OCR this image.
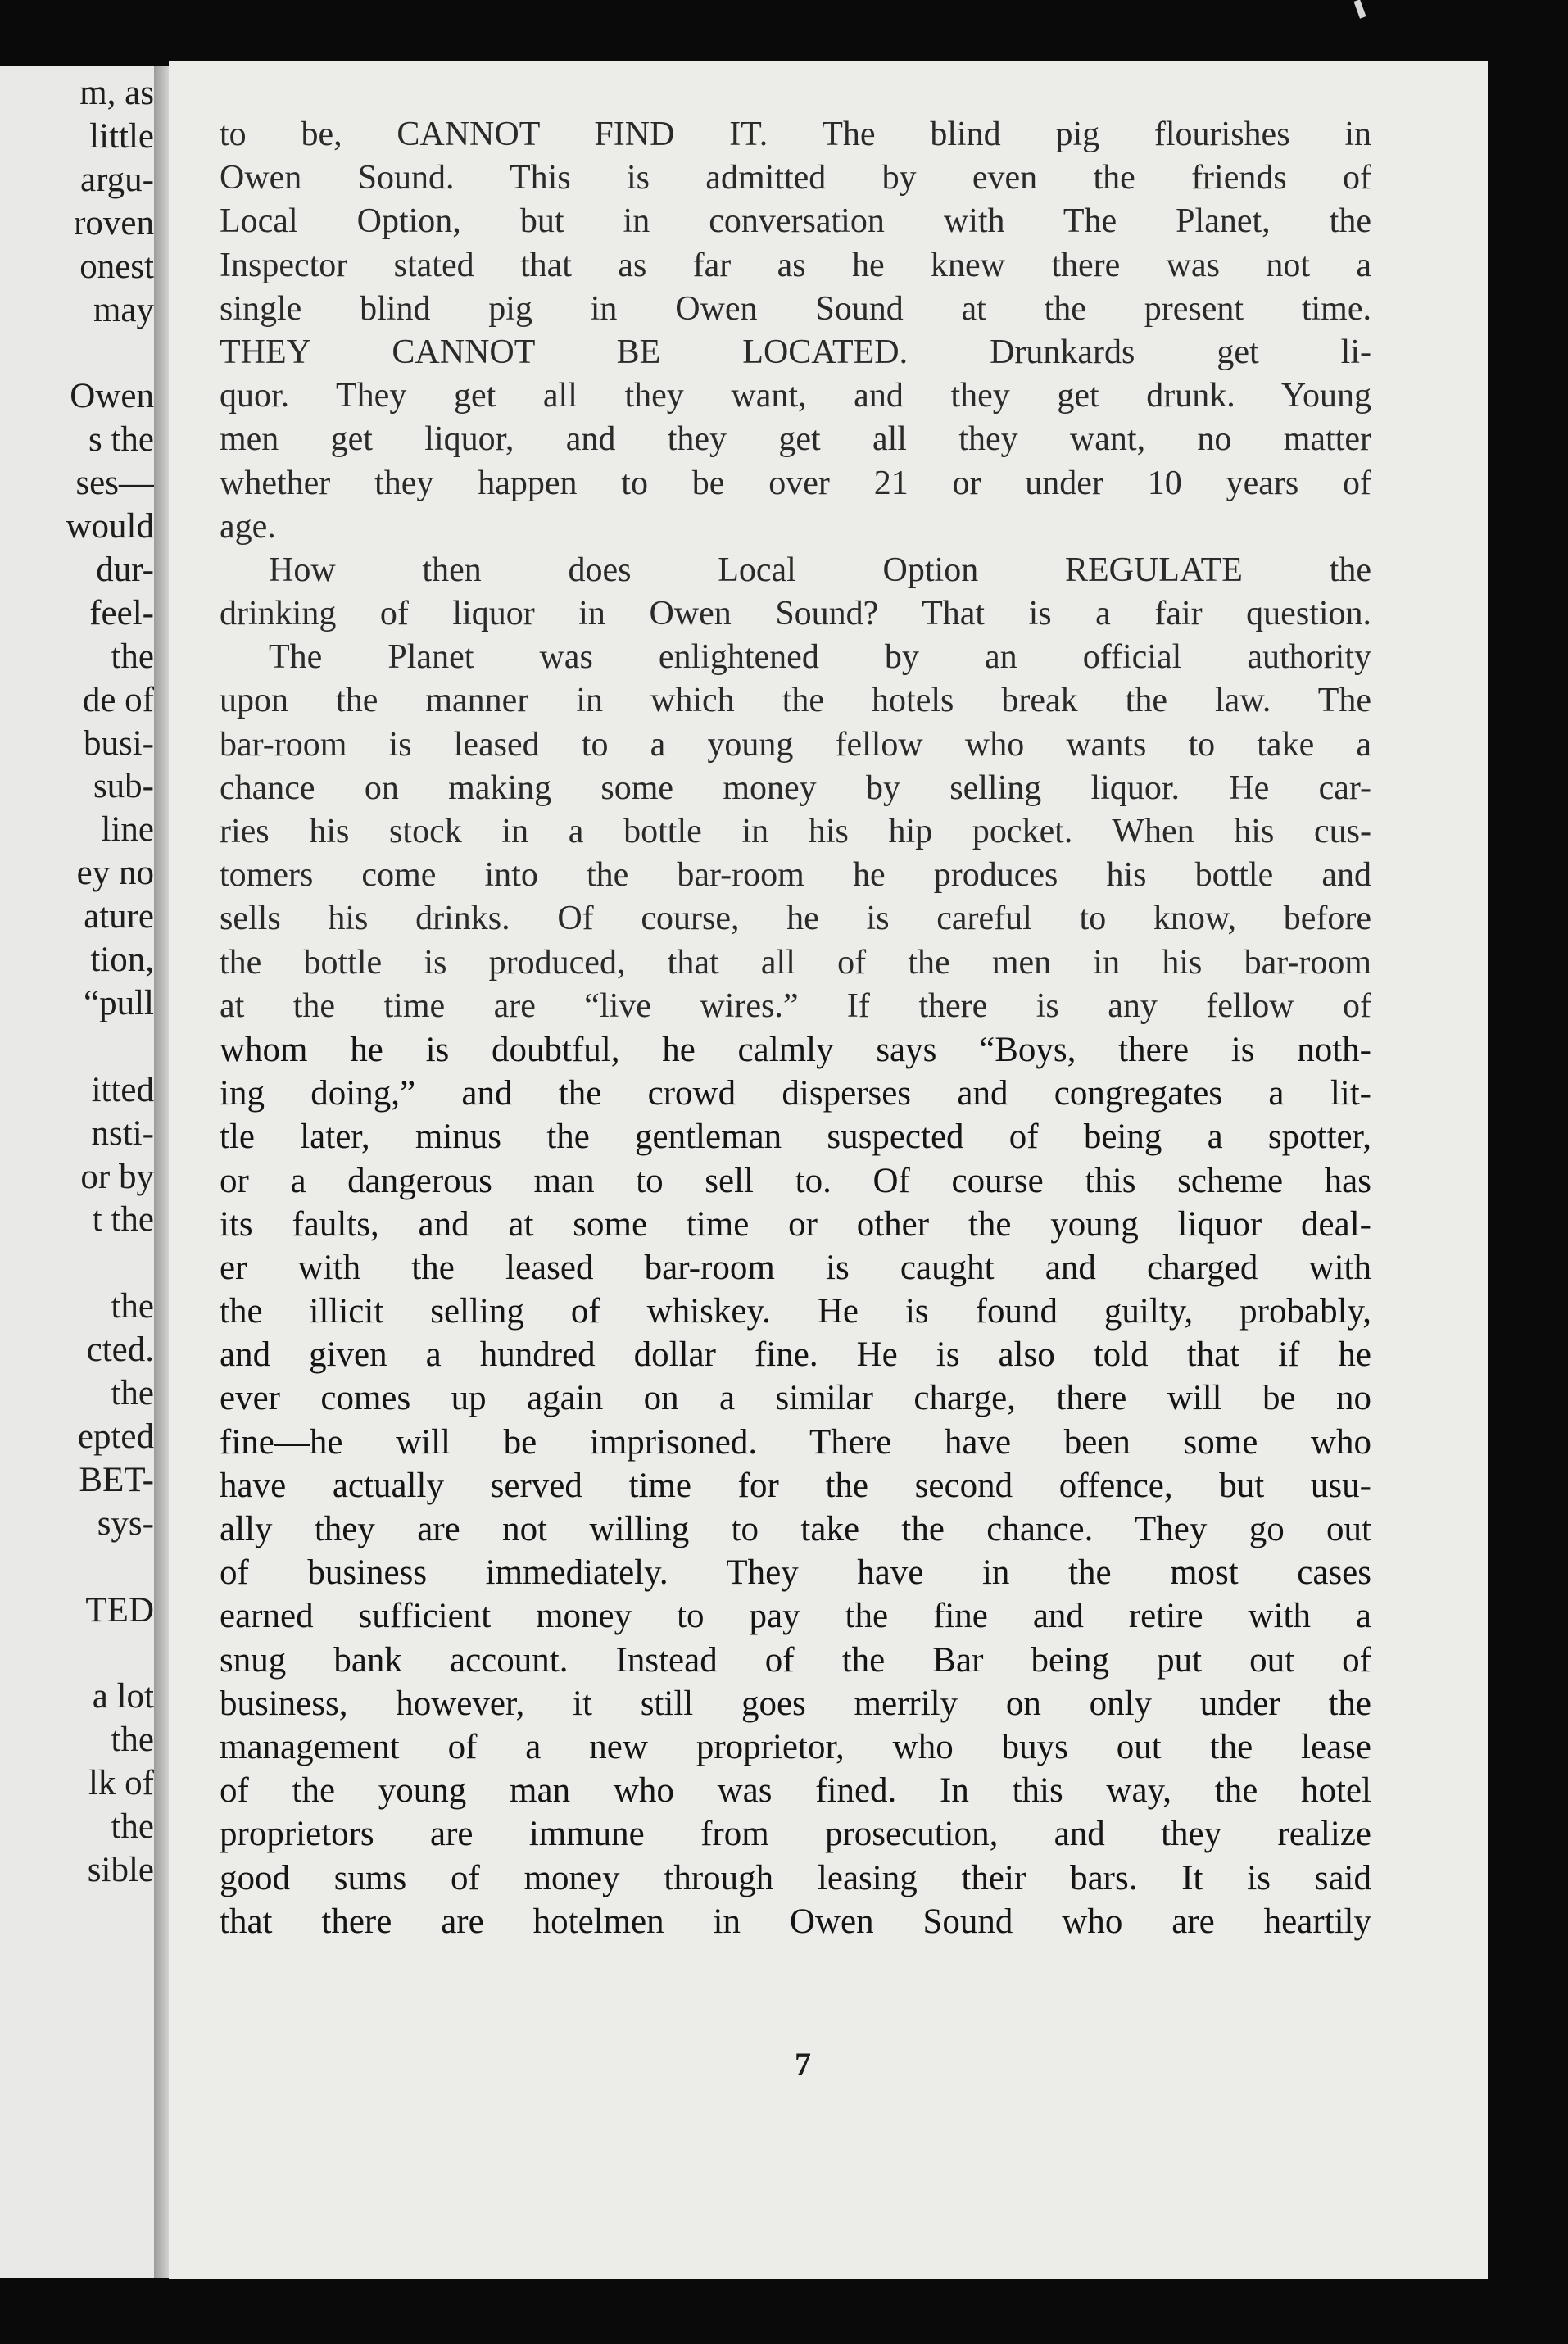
m, as
little
argu-
roven
onest
may
Owen
s the
ses—
would
dur-
feel-
the
de of
busi-
sub-
line
ey no
ature
tion,
“pull
itted
nsti-
or by
t the
the
cted.
the
epted
BET-
sys-
TED
a lot
the
lk of
the
sible
to be, CANNOT FIND IT. The blind pig flourishes in
Owen Sound. This is admitted by even the friends of
Local Option, but in conversation with The Planet, the
Inspector stated that as far as he knew there was not a
single blind pig in Owen Sound at the present time.
THEY CANNOT BE LOCATED. Drunkards get li-
quor. They get all they want, and they get drunk. Young
men get liquor, and they get all they want, no matter
whether they happen to be over 21 or under 10 years of
age.
How then does Local Option REGULATE the
drinking of liquor in Owen Sound? That is a fair question.
The Planet was enlightened by an official authority
upon the manner in which the hotels break the law. The
bar-room is leased to a young fellow who wants to take a
chance on making some money by selling liquor. He car-
ries his stock in a bottle in his hip pocket. When his cus-
tomers come into the bar-room he produces his bottle and
sells his drinks. Of course, he is careful to know, before
the bottle is produced, that all of the men in his bar-room
at the time are “live wires.” If there is any fellow of
whom he is doubtful, he calmly says “Boys, there is noth-
ing doing,” and the crowd disperses and congregates a lit-
tle later, minus the gentleman suspected of being a spotter,
or a dangerous man to sell to. Of course this scheme has
its faults, and at some time or other the young liquor deal-
er with the leased bar-room is caught and charged with
the illicit selling of whiskey. He is found guilty, probably,
and given a hundred dollar fine. He is also told that if he
ever comes up again on a similar charge, there will be no
fine—he will be imprisoned. There have been some who
have actually served time for the second offence, but usu-
ally they are not willing to take the chance. They go out
of business immediately. They have in the most cases
earned sufficient money to pay the fine and retire with a
snug bank account. Instead of the Bar being put out of
business, however, it still goes merrily on only under the
management of a new proprietor, who buys out the lease
of the young man who was fined. In this way, the hotel
proprietors are immune from prosecution, and they realize
good sums of money through leasing their bars. It is said
that there are hotelmen in Owen Sound who are heartily
7
